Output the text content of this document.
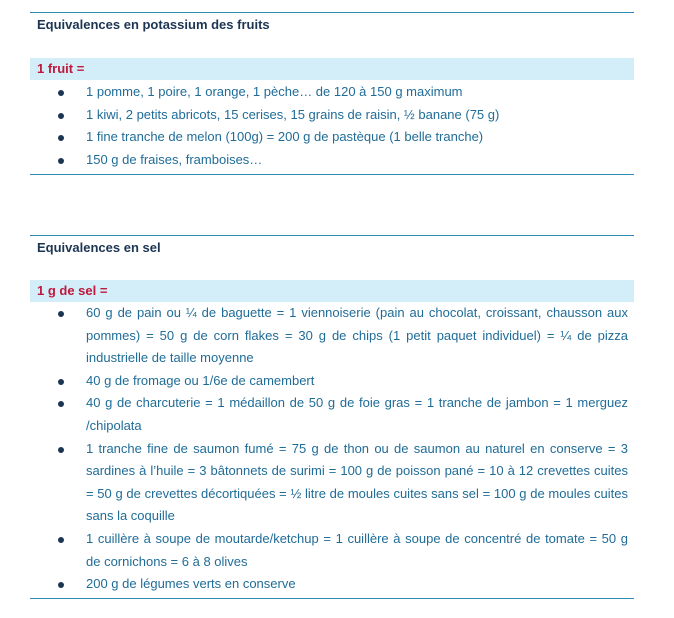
Equivalences en potassium des fruits
1 fruit =
1 pomme, 1 poire, 1 orange, 1 pèche… de 120 à 150 g maximum
1 kiwi, 2 petits abricots, 15 cerises, 15 grains de raisin, ½ banane (75 g)
1 fine tranche de melon (100g) = 200 g de pastèque (1 belle tranche)
150 g de fraises, framboises…
Equivalences en sel
1 g de sel =
60 g de pain ou ¼ de baguette = 1 viennoiserie (pain au chocolat, croissant, chausson aux pommes) = 50 g de corn flakes = 30 g de chips (1 petit paquet individuel) = ¼ de pizza industrielle de taille moyenne
40 g de fromage ou 1/6e de camembert
40 g de charcuterie = 1 médaillon de 50 g de foie gras = 1 tranche de jambon = 1 merguez /chipolata
1 tranche fine de saumon fumé = 75 g de thon ou de saumon au naturel en conserve = 3 sardines à l’huile = 3 bâtonnets de surimi = 100 g de poisson pané = 10 à 12 crevettes cuites = 50 g de crevettes décortiquées = ½ litre de moules cuites sans sel = 100 g de moules cuites sans la coquille
1 cuillère à soupe de moutarde/ketchup = 1 cuillère à soupe de concentré de tomate = 50 g de cornichons = 6 à 8 olives
200 g de légumes verts en conserve
